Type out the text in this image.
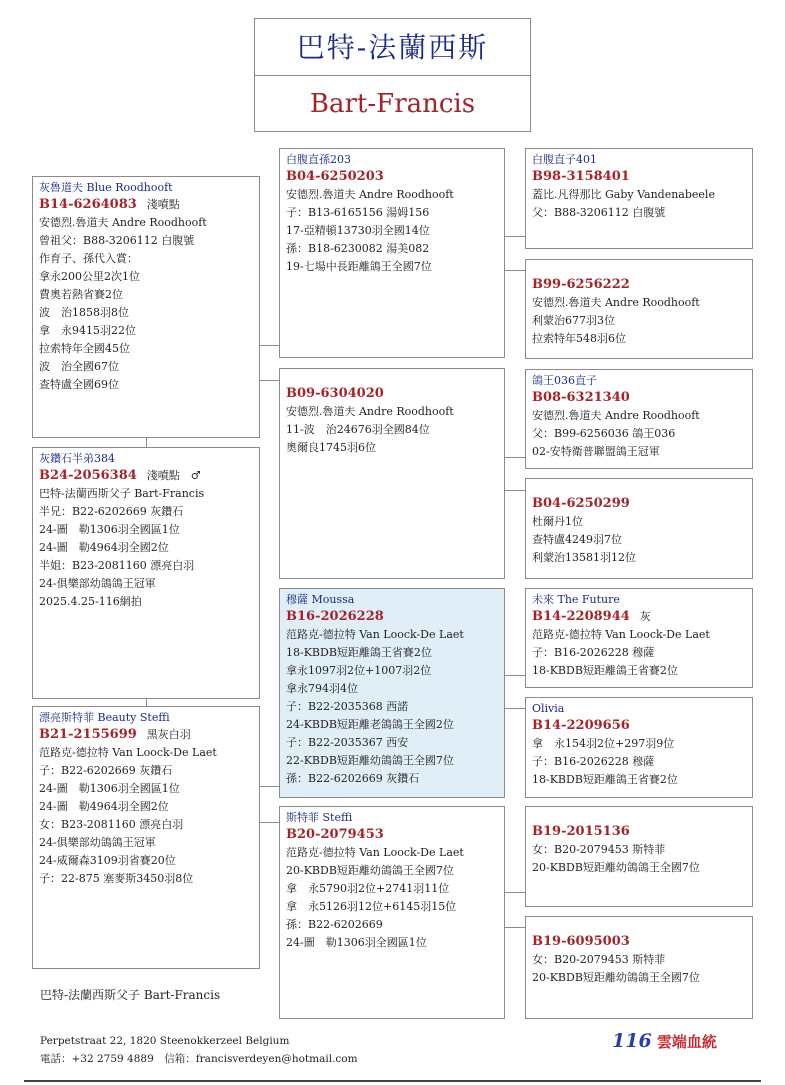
巴特-法蘭西斯
Bart-Francis
灰魯道夫 Blue Roodhooft
B14-6264083 淺噴點
安德烈.魯道夫 Andre Roodhooft
曾祖父：B88-3206112 白腹號
作育子、孫代入賞：
拿永200公里2次1位
費奧若熱省賽2位
波　治1858羽8位
拿　永9415羽22位
拉索特年全國45位
波　治全國67位
查特盧全國69位
灰鑽石半弟384
B24-2056384 淺噴點　♂
巴特-法蘭西斯父子 Bart-Francis
半兄：B22-6202669 灰鑽石
24-圖　勒1306羽全國區1位
24-圖　勒4964羽全國2位
半姐：B23-2081160 漂亮白羽
24-俱樂部幼鴿鴿王冠軍
2025.4.25-116網拍
漂亮斯特菲 Beauty Steffi
B21-2155699 黑灰白羽
范路克-德拉特 Van Loock-De Laet
子：B22-6202669 灰鑽石
24-圖　勒1306羽全國區1位
24-圖　勒4964羽全國2位
女：B23-2081160 漂亮白羽
24-俱樂部幼鴿鴿王冠軍
24-威爾森3109羽省賽20位
子：22-875 塞麥斯3450羽8位
白腹直孫203
B04-6250203
安德烈.魯道夫 Andre Roodhooft
子：B13-6165156 湯姆156
17-亞精頓13730羽全國14位
孫：B18-6230082 湯美082
19-七場中長距離鴿王全國7位
B09-6304020
安德烈.魯道夫 Andre Roodhooft
11-波　治24676羽全國84位
奧爾良1745羽6位
穆薩 Moussa
B16-2026228
范路克-德拉特 Van Loock-De Laet
18-KBDB短距離鴿王省賽2位
拿永1097羽2位+1007羽2位
拿永794羽4位
子：B22-2035368 西諾
24-KBDB短距離老鴿鴿王全國2位
子：B22-2035367 西安
22-KBDB短距離幼鴿鴿王全國7位
孫：B22-6202669 灰鑽石
斯特菲 Steffi
B20-2079453
范路克-德拉特 Van Loock-De Laet
20-KBDB短距離幼鴿鴿王全國7位
拿　永5790羽2位+2741羽11位
拿　永5126羽12位+6145羽15位
孫：B22-6202669
24-圖　勒1306羽全國區1位
白腹直子401
B98-3158401
蓋比.凡得那比 Gaby Vandenabeele
父：B88-3206112 白腹號
B99-6256222
安德烈.魯道夫 Andre Roodhooft
利蒙治677羽3位
拉索特年548羽6位
鴿王036直子
B08-6321340
安德烈.魯道夫 Andre Roodhooft
父：B99-6256036 鴿王036
02-安特衛普聯盟鴿王冠軍
B04-6250299
杜爾丹1位
查特盧4249羽7位
利蒙治13581羽12位
未來 The Future
B14-2208944 灰
范路克-德拉特 Van Loock-De Laet
子：B16-2026228 穆薩
18-KBDB短距離鴿王省賽2位
Olivia
B14-2209656
拿　永154羽2位+297羽9位
子：B16-2026228 穆薩
18-KBDB短距離鴿王省賽2位
B19-2015136
女：B20-2079453 斯特菲
20-KBDB短距離幼鴿鴿王全國7位
B19-6095003
女：B20-2079453 斯特菲
20-KBDB短距離幼鴿鴿王全國7位
巴特-法蘭西斯父子 Bart-Francis
Perpetstraat 22, 1820 Steenokkerzeel Belgium
電話：+32 2759 4889　信箱：francisverdeyen@hotmail.com
116 雲端血統
